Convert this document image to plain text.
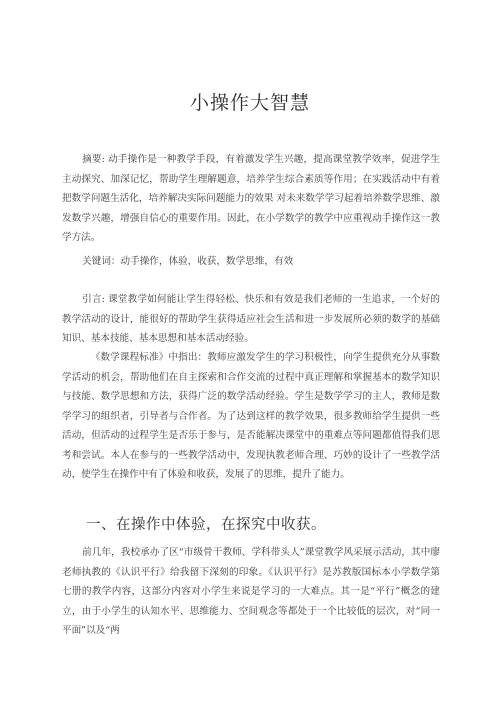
小操作大智慧

摘要: 动手操作是一种教学手段，有着激发学生兴趣，提高课堂教学效率，促进学生主动探究、加深记忆，帮助学生理解题意，培养学生综合素质等作用；在实践活动中有着把数学问题生活化，培养解决实际问题能力的效果 对未来数学学习起着培养数学思维、激发数学兴趣，增强自信心的重要作用。因此，在小学数学的教学中应重视动手操作这一教学方法。

关键词：动手操作，体验，收获，数学思维，有效

引言: 课堂教学如何能让学生得轻松、快乐和有效是我们老师的一生追求，一个好的教学活动的设计，能很好的帮助学生获得适应社会生活和进一步发展所必须的数学的基础知识、基本技能、基本思想和基本活动经验。

《数学课程标准》中指出：教师应激发学生的学习积极性，向学生提供充分从事数学活动的机会，帮助他们在自主探索和合作交流的过程中真正理解和掌握基本的数学知识与技能、数学思想和方法，获得广泛的数学活动经验。学生是数学学习的主人，教师是数学学习的组织者，引导者与合作者。为了达到这样的教学效果，很多教师给学生提供一些活动，但活动的过程学生是否乐于参与，是否能解决课堂中的重难点等问题都值得我们思考和尝试。本人在参与的一些教学活动中，发现执教老师合理、巧妙的设计了一些教学活动，使学生在操作中有了体验和收获，发展了的思维，提升了能力。

一、在操作中体验，在探究中收获。

前几年，我校承办了区“市级骨干教师、学科带头人”课堂教学风采展示活动，其中廖老师执教的《认识平行》给我留下深刻的印象。《认识平行》是苏教版国标本小学数学第七册的教学内容，这部分内容对小学生来说是学习的一大难点。其一是“平行”概念的建立，由于小学生的认知水平、思维能力、空间观念等都处于一个比较低的层次，对“同一平面”以及“两
